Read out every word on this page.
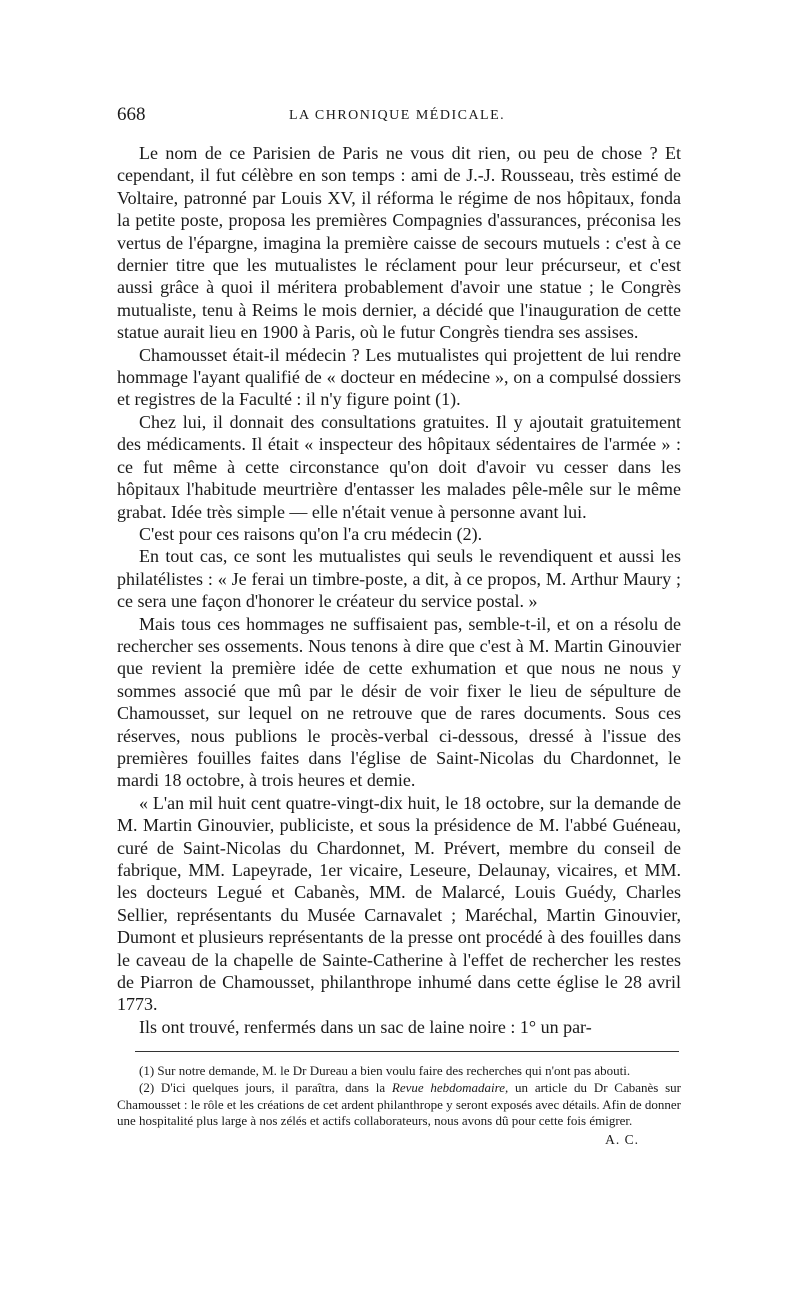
668	LA CHRONIQUE MÉDICALE.

Le nom de ce Parisien de Paris ne vous dit rien, ou peu de chose ? Et cependant, il fut célèbre en son temps : ami de J.-J. Rousseau, très estimé de Voltaire, patronné par Louis XV, il réforma le régime de nos hôpitaux, fonda la petite poste, proposa les premières Compagnies d'assurances, préconisa les vertus de l'épargne, imagina la première caisse de secours mutuels : c'est à ce dernier titre que les mutualistes le réclament pour leur précurseur, et c'est aussi grâce à quoi il méritera probablement d'avoir une statue ; le Congrès mutualiste, tenu à Reims le mois dernier, a décidé que l'inauguration de cette statue aurait lieu en 1900 à Paris, où le futur Congrès tiendra ses assises.

Chamousset était-il médecin ? Les mutualistes qui projettent de lui rendre hommage l'ayant qualifié de « docteur en médecine », on a compulsé dossiers et registres de la Faculté : il n'y figure point (1).

Chez lui, il donnait des consultations gratuites. Il y ajoutait gratuitement des médicaments. Il était « inspecteur des hôpitaux sédentaires de l'armée » : ce fut même à cette circonstance qu'on doit d'avoir vu cesser dans les hôpitaux l'habitude meurtrière d'entasser les malades pêle-mêle sur le même grabat. Idée très simple — elle n'était venue à personne avant lui.

C'est pour ces raisons qu'on l'a cru médecin (2).

En tout cas, ce sont les mutualistes qui seuls le revendiquent et aussi les philatélistes : « Je ferai un timbre-poste, a dit, à ce propos, M. Arthur Maury ; ce sera une façon d'honorer le créateur du service postal. »

Mais tous ces hommages ne suffisaient pas, semble-t-il, et on a résolu de rechercher ses ossements. Nous tenons à dire que c'est à M. Martin Ginouvier que revient la première idée de cette exhumation et que nous ne nous y sommes associé que mû par le désir de voir fixer le lieu de sépulture de Chamousset, sur lequel on ne retrouve que de rares documents. Sous ces réserves, nous publions le procès-verbal ci-dessous, dressé à l'issue des premières fouilles faites dans l'église de Saint-Nicolas du Chardonnet, le mardi 18 octobre, à trois heures et demie.

« L'an mil huit cent quatre-vingt-dix huit, le 18 octobre, sur la demande de M. Martin Ginouvier, publiciste, et sous la présidence de M. l'abbé Guéneau, curé de Saint-Nicolas du Chardonnet, M. Prévert, membre du conseil de fabrique, MM. Lapeyrade, 1er vicaire, Leseure, Delaunay, vicaires, et MM. les docteurs Legué et Cabanès, MM. de Malarcé, Louis Guédy, Charles Sellier, représentants du Musée Carnavalet ; Maréchal, Martin Ginouvier, Dumont et plusieurs représentants de la presse ont procédé à des fouilles dans le caveau de la chapelle de Sainte-Catherine à l'effet de rechercher les restes de Piarron de Chamousset, philanthrope inhumé dans cette église le 28 avril 1773.

Ils ont trouvé, renfermés dans un sac de laine noire : 1° un par-

(1) Sur notre demande, M. le Dr Dureau a bien voulu faire des recherches qui n'ont pas abouti.

(2) D'ici quelques jours, il paraîtra, dans la Revue hebdomadaire, un article du Dr Cabanès sur Chamousset : le rôle et les créations de cet ardent philanthrope y seront exposés avec détails. Afin de donner une hospitalité plus large à nos zélés et actifs collaborateurs, nous avons dû pour cette fois émigrer.

A. C.
